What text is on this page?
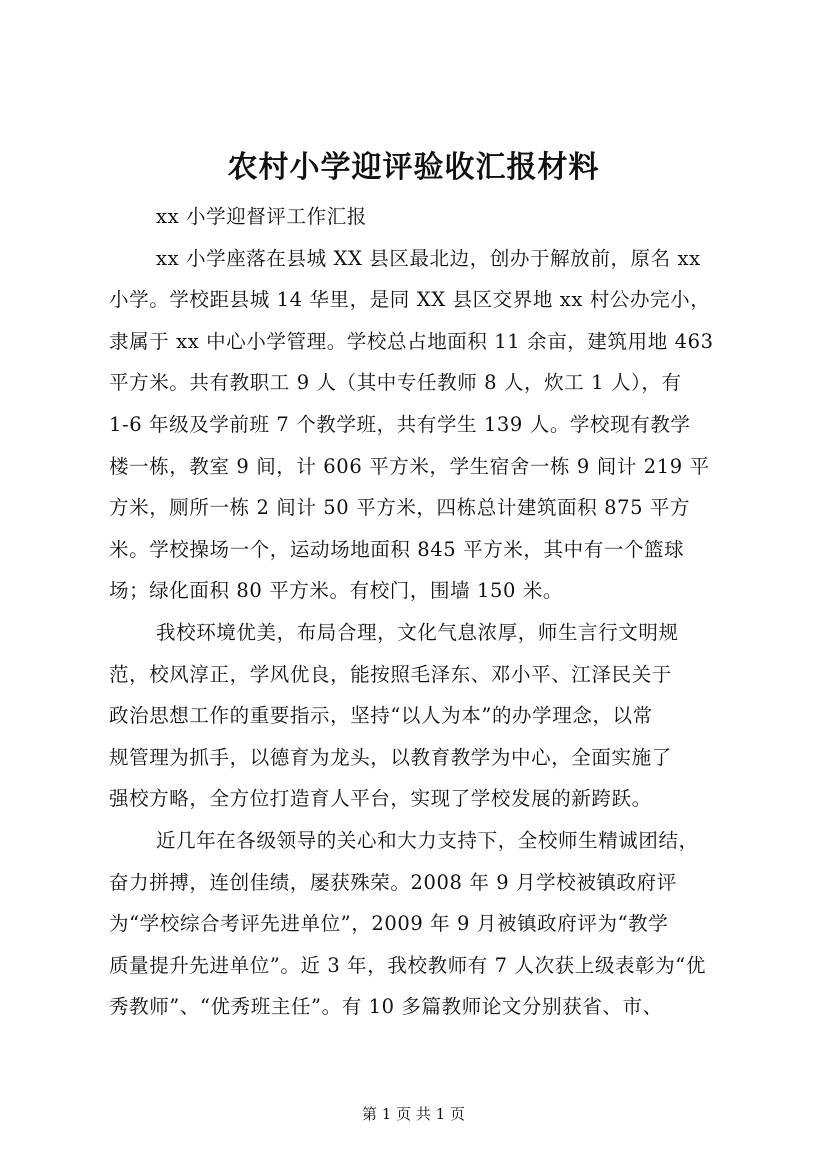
农村小学迎评验收汇报材料
xx 小学迎督评工作汇报
xx 小学座落在县城 XX 县区最北边，创办于解放前，原名 xx
小学。学校距县城 14 华里，是同 XX 县区交界地 xx 村公办完小，
隶属于 xx 中心小学管理。学校总占地面积 11 余亩，建筑用地 463
平方米。共有教职工 9 人（其中专任教师 8 人，炊工 1 人），有
1-6 年级及学前班 7 个教学班，共有学生 139 人。学校现有教学
楼一栋，教室 9 间，计 606 平方米，学生宿舍一栋 9 间计 219 平
方米，厕所一栋 2 间计 50 平方米，四栋总计建筑面积 875 平方
米。学校操场一个，运动场地面积 845 平方米，其中有一个篮球
场；绿化面积 80 平方米。有校门，围墙 150 米。
我校环境优美，布局合理，文化气息浓厚，师生言行文明规
范，校风淳正，学风优良，能按照毛泽东、邓小平、江泽民关于
政治思想工作的重要指示，坚持“以人为本”的办学理念，以常
规管理为抓手，以德育为龙头，以教育教学为中心，全面实施了
强校方略，全方位打造育人平台，实现了学校发展的新跨跃。
近几年在各级领导的关心和大力支持下，全校师生精诚团结，
奋力拼搏，连创佳绩，屡获殊荣。2008 年 9 月学校被镇政府评
为“学校综合考评先进单位”，2009 年 9 月被镇政府评为“教学
质量提升先进单位”。近 3 年，我校教师有 7 人次获上级表彰为“优
秀教师”、“优秀班主任”。有 10 多篇教师论文分别获省、市、
第 1 页 共 1 页
